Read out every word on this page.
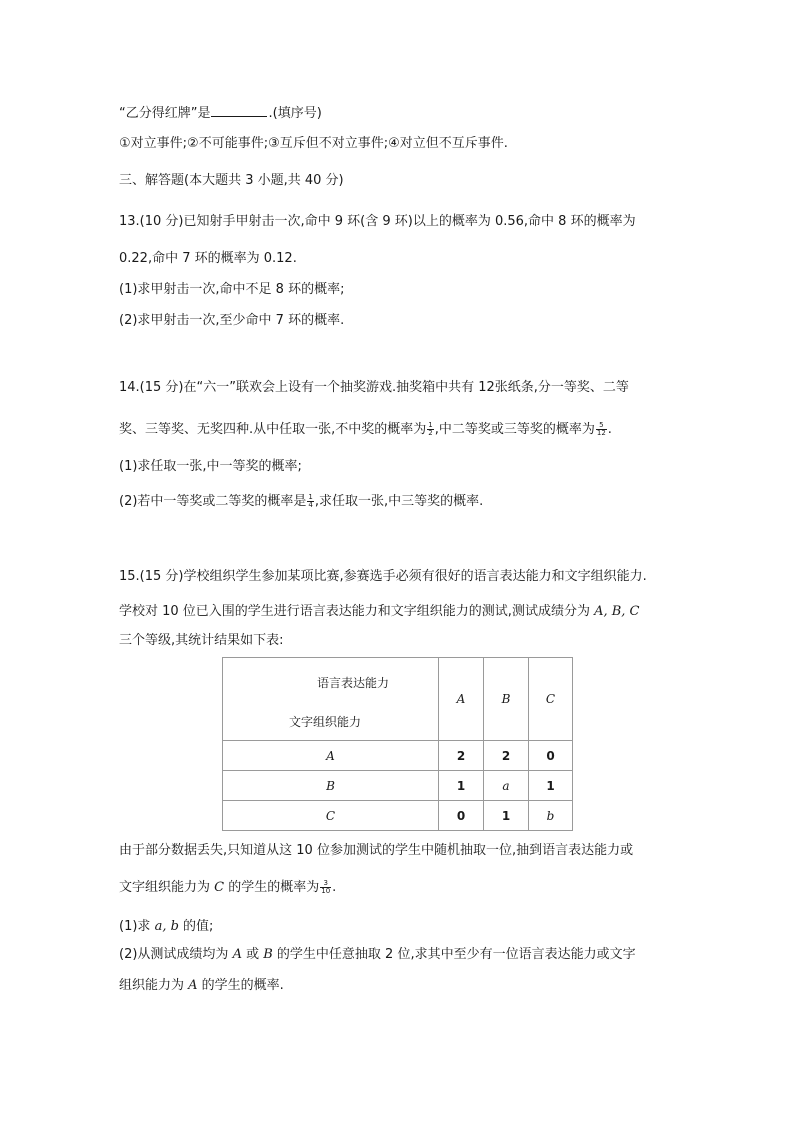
“乙分得红牌”是	.(填序号)
①对立事件;②不可能事件;③互斥但不对立事件;④对立但不互斥事件.
三、解答题(本大题共 3 小题,共 40 分)
13.(10 分)已知射手甲射击一次,命中 9 环(含 9 环)以上的概率为 0.56,命中 8 环的概率为
0.22,命中 7 环的概率为 0.12.
(1)求甲射击一次,命中不足 8 环的概率;
(2)求甲射击一次,至少命中 7 环的概率.
14.(15 分)在“六一”联欢会上设有一个抽奖游戏.抽奖箱中共有 12张纸条,分一等奖、二等
奖、三等奖、无奖四种.从中任取一张,不中奖的概率为 $\frac{1}{2}$ ,中二等奖或三等奖的概率为 $\frac{5}{12}$ .
(1)求任取一张,中一等奖的概率;
(2)若中一等奖或二等奖的概率是 $\frac{1}{4}$ ,求任取一张,中三等奖的概率.
15.(15 分)学校组织学生参加某项比赛,参赛选手必须有很好的语言表达能力和文字组织能力.
学校对 10 位已入围的学生进行语言表达能力和文字组织能力的测试,测试成绩分为 A, B, C
三个等级,其统计结果如下表:
语言表达能力
文字组织能力	A	B	C
A	2	2	0
B	1	a	1
C	0	1	b
由于部分数据丢失,只知道从这 10 位参加测试的学生中随机抽取一位,抽到语言表达能力或
文字组织能力为 C 的学生的概率为 $\frac{3}{10}$ .
(1)求 a, b 的值;
(2)从测试成绩均为 A 或 B 的学生中任意抽取 2 位,求其中至少有一位语言表达能力或文字
组织能力为 A 的学生的概率.
